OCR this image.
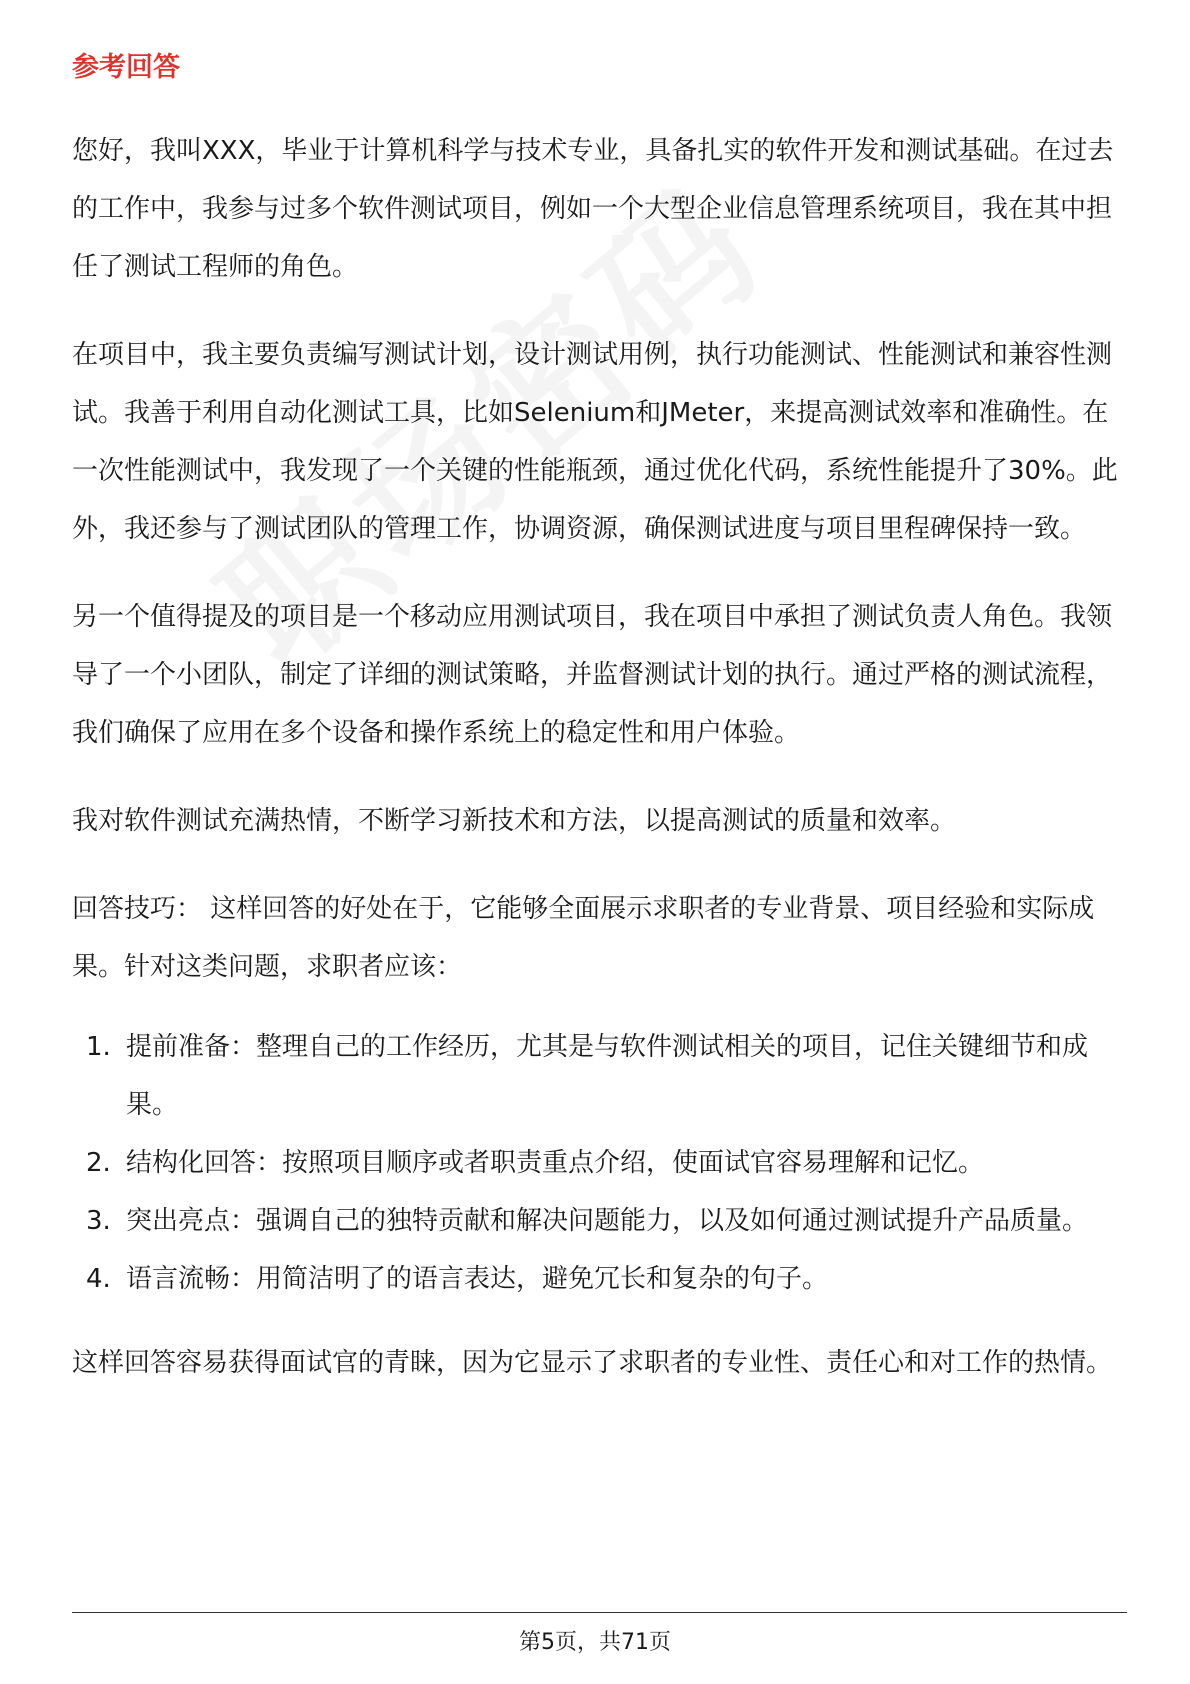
参考回答

您好，我叫XXX，毕业于计算机科学与技术专业，具备扎实的软件开发和测试基础。在过去的工作中，我参与过多个软件测试项目，例如一个大型企业信息管理系统项目，我在其中担任了测试工程师的角色。

在项目中，我主要负责编写测试计划，设计测试用例，执行功能测试、性能测试和兼容性测试。我善于利用自动化测试工具，比如Selenium和JMeter，来提高测试效率和准确性。在一次性能测试中，我发现了一个关键的性能瓶颈，通过优化代码，系统性能提升了30%。此外，我还参与了测试团队的管理工作，协调资源，确保测试进度与项目里程碑保持一致。

另一个值得提及的项目是一个移动应用测试项目，我在项目中承担了测试负责人角色。我领导了一个小团队，制定了详细的测试策略，并监督测试计划的执行。通过严格的测试流程，我们确保了应用在多个设备和操作系统上的稳定性和用户体验。

我对软件测试充满热情，不断学习新技术和方法，以提高测试的质量和效率。

回答技巧： 这样回答的好处在于，它能够全面展示求职者的专业背景、项目经验和实际成果。针对这类问题，求职者应该：

1. 提前准备：整理自己的工作经历，尤其是与软件测试相关的项目，记住关键细节和成果。
2. 结构化回答：按照项目顺序或者职责重点介绍，使面试官容易理解和记忆。
3. 突出亮点：强调自己的独特贡献和解决问题能力，以及如何通过测试提升产品质量。
4. 语言流畅：用简洁明了的语言表达，避免冗长和复杂的句子。

这样回答容易获得面试官的青睐，因为它显示了求职者的专业性、责任心和对工作的热情。

第5页，共71页
